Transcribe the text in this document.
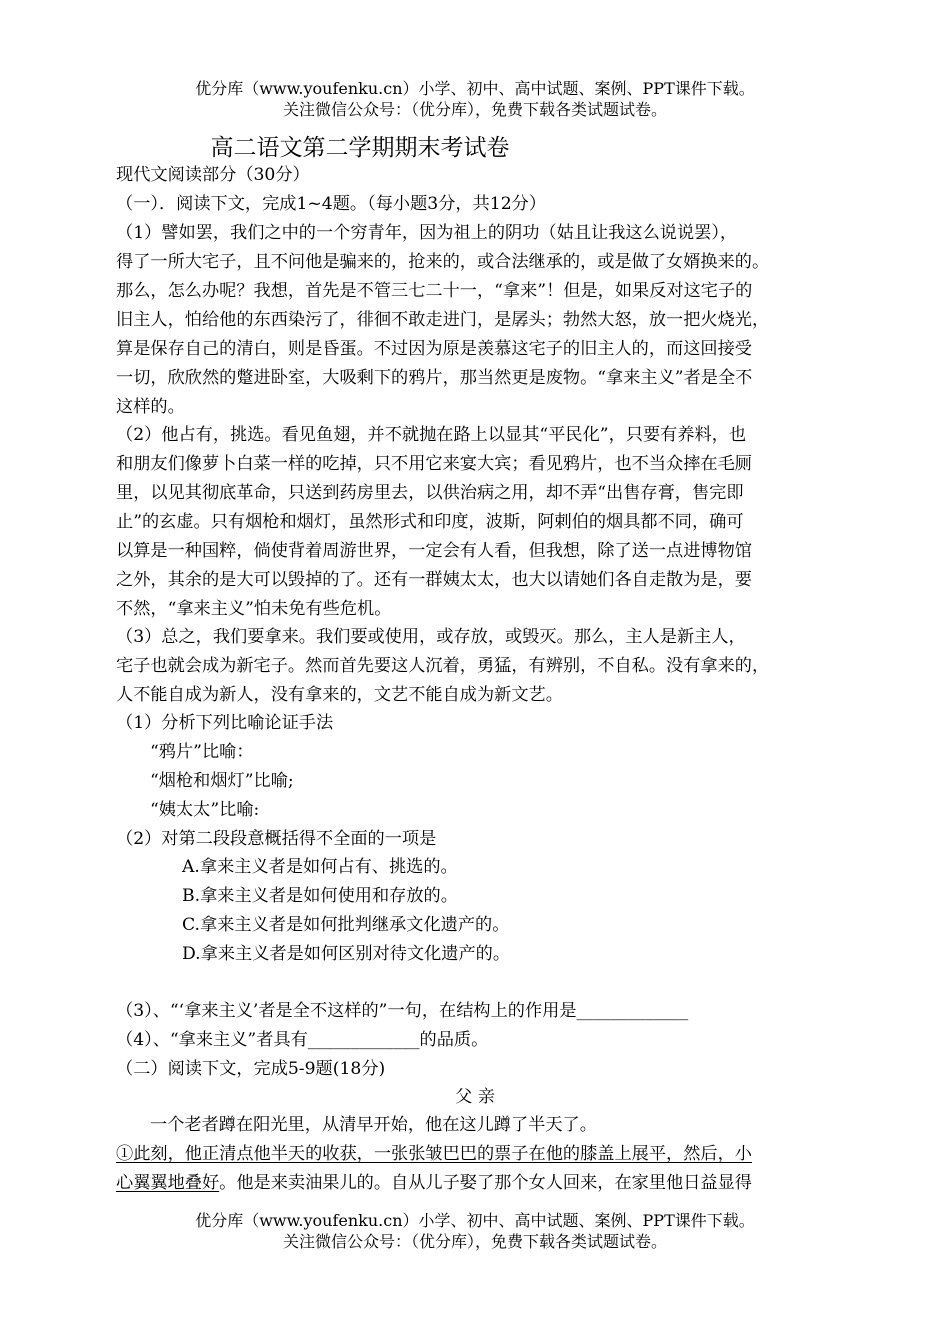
优分库（www.youfenku.cn）小学、初中、高中试题、案例、PPT课件下载。
关注微信公众号：（优分库），免费下载各类试题试卷。
高二语文第二学期期末考试卷
现代文阅读部分（30分）
（一）．阅读下文，完成1~4题。（每小题3分，共12分）
（1）譬如罢，我们之中的一个穷青年，因为祖上的阴功（姑且让我这么说说罢），
得了一所大宅子，且不问他是骗来的，抢来的，或合法继承的，或是做了女婿换来的。
那么，怎么办呢？我想，首先是不管三七二十一，“拿来”！但是，如果反对这宅子的
旧主人，怕给他的东西染污了，徘徊不敢走进门，是孱头；勃然大怒，放一把火烧光，
算是保存自己的清白，则是昏蛋。不过因为原是羡慕这宅子的旧主人的，而这回接受
一切，欣欣然的蹩进卧室，大吸剩下的鸦片，那当然更是废物。“拿来主义”者是全不
这样的。
（2）他占有，挑选。看见鱼翅，并不就抛在路上以显其“平民化”，只要有养料，也
和朋友们像萝卜白菜一样的吃掉，只不用它来宴大宾；看见鸦片，也不当众摔在毛厕
里，以见其彻底革命，只送到药房里去，以供治病之用，却不弄“出售存膏，售完即
止”的玄虚。只有烟枪和烟灯，虽然形式和印度，波斯，阿剌伯的烟具都不同，确可
以算是一种国粹，倘使背着周游世界，一定会有人看，但我想，除了送一点进博物馆
之外，其余的是大可以毁掉的了。还有一群姨太太，也大以请她们各自走散为是，要
不然，“拿来主义”怕未免有些危机。
（3）总之，我们要拿来。我们要或使用，或存放，或毁灭。那么，主人是新主人，
宅子也就会成为新宅子。然而首先要这人沉着，勇猛，有辨别，不自私。没有拿来的，
人不能自成为新人，没有拿来的，文艺不能自成为新文艺。
（1）分析下列比喻论证手法
“鸦片”比喻：
“烟枪和烟灯”比喻;
“姨太太”比喻:
（2）对第二段段意概括得不全面的一项是
A.拿来主义者是如何占有、挑选的。
B.拿来主义者是如何使用和存放的。
C.拿来主义者是如何批判继承文化遗产的。
D.拿来主义者是如何区别对待文化遗产的。
（3）、“‘拿来主义’者是全不这样的”一句，在结构上的作用是_____________
（4）、“拿来主义”者具有_____________的品质。
（二）阅读下文，完成5-9题(18分)
父 亲
一个老者蹲在阳光里，从清早开始，他在这儿蹲了半天了。
①此刻，他正清点他半天的收获，一张张皱巴巴的票子在他的膝盖上展平，然后，小
心翼翼地叠好。他是来卖油果儿的。自从儿子娶了那个女人回来，在家里他日益显得
优分库（www.youfenku.cn）小学、初中、高中试题、案例、PPT课件下载。
关注微信公众号：（优分库），免费下载各类试题试卷。
